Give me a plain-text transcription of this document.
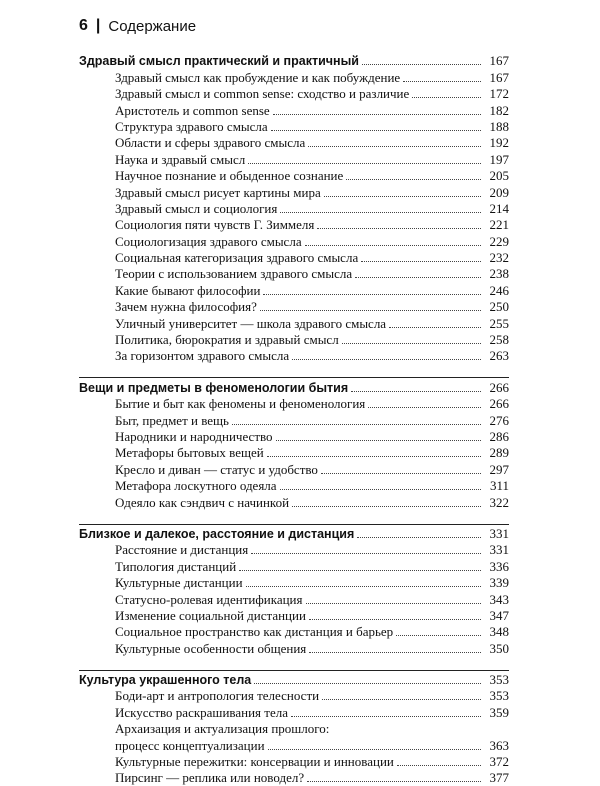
6 | Содержание
Здравый смысл практический и практичный	167
Здравый смысл как пробуждение и как побуждение	167
Здравый смысл и common sense: сходство и различие	172
Аристотель и common sense	182
Структура здравого смысла	188
Области и сферы здравого смысла	192
Наука и здравый смысл	197
Научное познание и обыденное сознание	205
Здравый смысл рисует картины мира	209
Здравый смысл и социология	214
Социология пяти чувств Г. Зиммеля	221
Социологизация здравого смысла	229
Социальная категоризация здравого смысла	232
Теории с использованием здравого смысла	238
Какие бывают философии	246
Зачем нужна философия?	250
Уличный университет — школа здравого смысла	255
Политика, бюрократия и здравый смысл	258
За горизонтом здравого смысла	263
Вещи и предметы в феноменологии бытия	266
Бытие и быт как феномены и феноменология	266
Быт, предмет и вещь	276
Народники и народничество	286
Метафоры бытовых вещей	289
Кресло и диван — статус и удобство	297
Метафора лоскутного одеяла	311
Одеяло как сэндвич с начинкой	322
Близкое и далекое, расстояние и дистанция	331
Расстояние и дистанция	331
Типология дистанций	336
Культурные дистанции	339
Статусно-ролевая идентификация	343
Изменение социальной дистанции	347
Социальное пространство как дистанция и барьер	348
Культурные особенности общения	350
Культура украшенного тела	353
Боди-арт и антропология телесности	353
Искусство раскрашивания тела	359
Архаизация и актуализация прошлого:
процесс концептуализации	363
Культурные пережитки: консервации и инновации	372
Пирсинг — реплика или новодел?	377
